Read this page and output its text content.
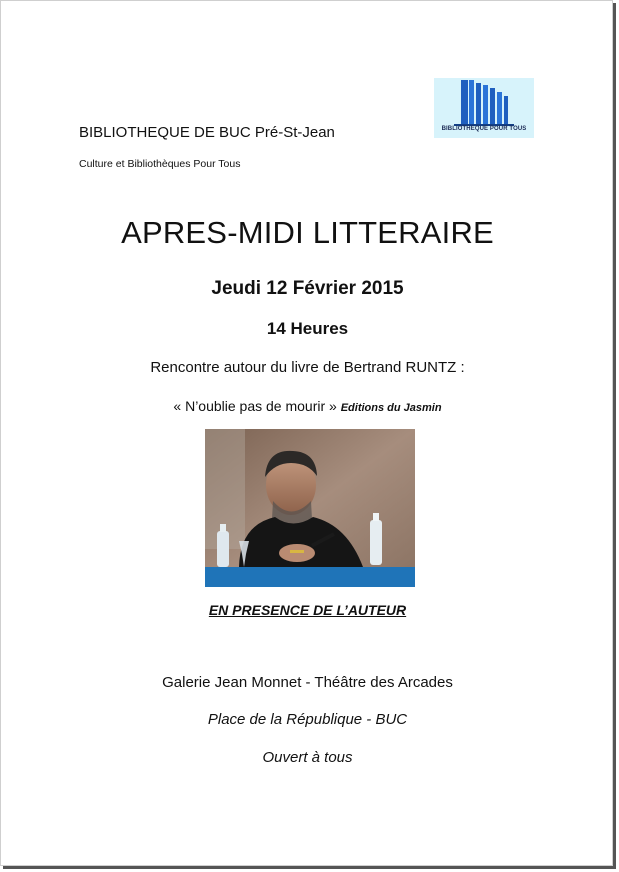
BIBLIOTHEQUE DE BUC Pré-St-Jean
Culture et Bibliothèques Pour Tous
BIBLIOTHEQUE POUR TOUS
APRES-MIDI LITTERAIRE
Jeudi 12 Février 2015
14 Heures
Rencontre autour du livre de Bertrand RUNTZ :
« N’oublie pas de mourir » Editions du Jasmin
EN PRESENCE DE L’AUTEUR
Galerie Jean Monnet - Théâtre des Arcades
Place de la République - BUC
Ouvert à tous
